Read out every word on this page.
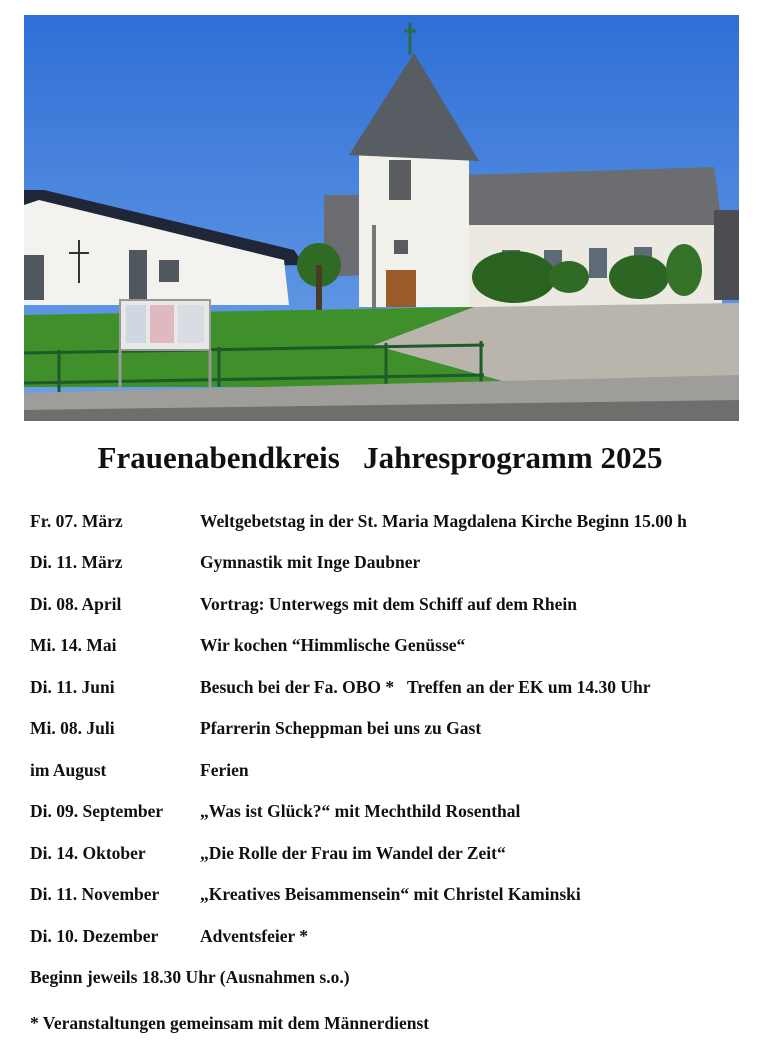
Frauenabendkreis   Jahresprogramm 2025
Fr. 07. März	Weltgebetstag in der St. Maria Magdalena Kirche Beginn 15.00 h
Di. 11. März	Gymnastik mit Inge Daubner
Di. 08. April	Vortrag: Unterwegs mit dem Schiff auf dem Rhein
Mi. 14. Mai	Wir kochen “Himmlische Genüsse“
Di. 11. Juni	Besuch bei der Fa. OBO *   Treffen an der EK um 14.30 Uhr
Mi. 08. Juli	Pfarrerin Scheppman bei uns zu Gast
im August	Ferien
Di. 09. September „Was ist Glück?“ mit Mechthild Rosenthal
Di. 14. Oktober	„Die Rolle der Frau im Wandel der Zeit“
Di. 11. November „Kreatives Beisammensein“ mit Christel Kaminski
Di. 10. Dezember Adventsfeier *
Beginn jeweils 18.30 Uhr (Ausnahmen s.o.)
* Veranstaltungen gemeinsam mit dem Männerdienst
